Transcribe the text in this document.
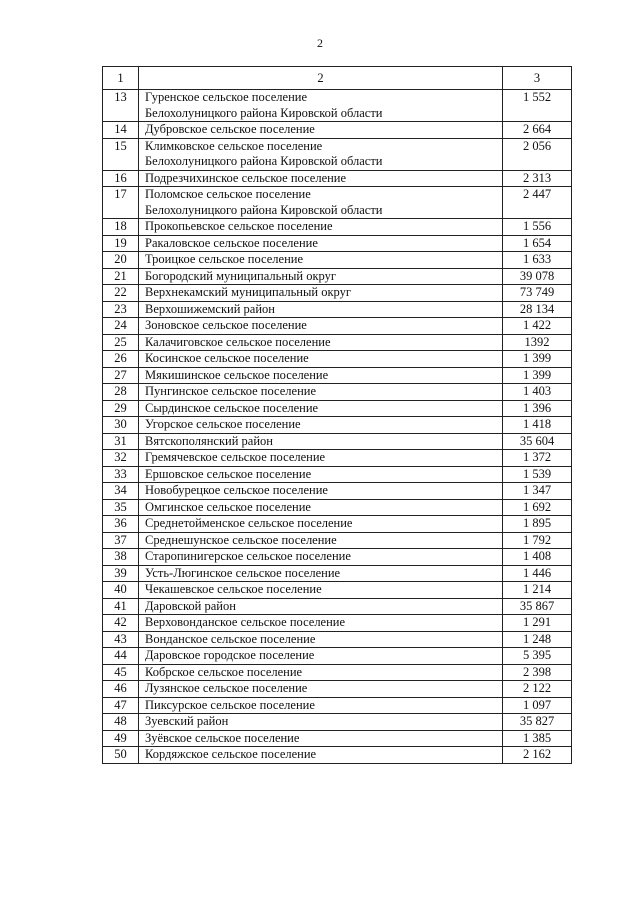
2
1	2	3
13	Гуренское сельское поселение
Белохолуницкого района Кировской области	1 552
14	Дубровское сельское поселение	2 664
15	Климковское сельское поселение
Белохолуницкого района Кировской области	2 056
16	Подрезчихинское сельское поселение	2 313
17	Поломское сельское поселение
Белохолуницкого района Кировской области	2 447
18	Прокопьевское сельское поселение	1 556
19	Ракаловское сельское поселение	1 654
20	Троицкое сельское поселение	1 633
21	Богородский муниципальный округ	39 078
22	Верхнекамский муниципальный округ	73 749
23	Верхошижемский район	28 134
24	Зоновское сельское поселение	1 422
25	Калачиговское сельское поселение	1392
26	Косинское сельское поселение	1 399
27	Мякишинское сельское поселение	1 399
28	Пунгинское сельское поселение	1 403
29	Сырдинское сельское поселение	1 396
30	Угорское сельское поселение	1 418
31	Вятскополянский район	35 604
32	Гремячевское сельское поселение	1 372
33	Ершовское сельское поселение	1 539
34	Новобурецкое сельское поселение	1 347
35	Омгинское сельское поселение	1 692
36	Среднетойменское сельское поселение	1 895
37	Среднешунское сельское поселение	1 792
38	Старопинигерское сельское поселение	1 408
39	Усть-Люгинское сельское поселение	1 446
40	Чекашевское сельское поселение	1 214
41	Даровской район	35 867
42	Верховонданское сельское поселение	1 291
43	Вонданское сельское поселение	1 248
44	Даровское городское поселение	5 395
45	Кобрское сельское поселение	2 398
46	Лузянское сельское поселение	2 122
47	Пиксурское сельское поселение	1 097
48	Зуевский район	35 827
49	Зуёвское сельское поселение	1 385
50	Кордяжское сельское поселение	2 162
